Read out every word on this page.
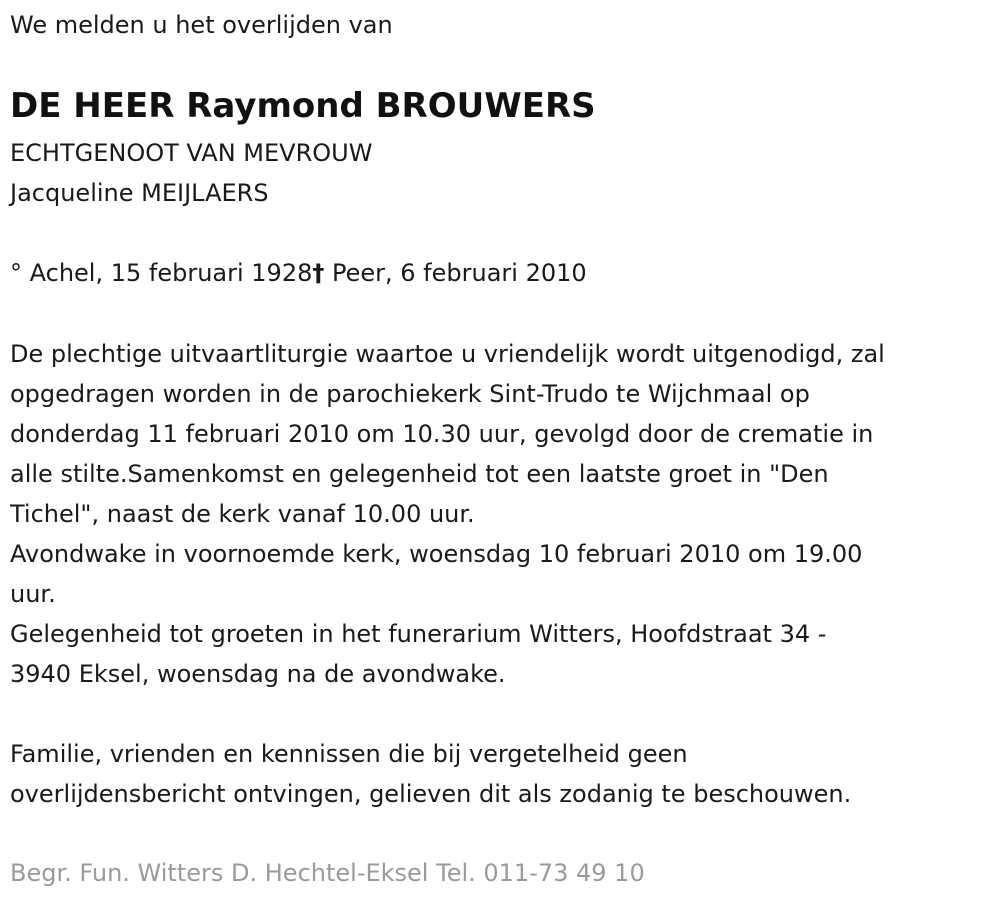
We melden u het overlijden van
DE HEER Raymond BROUWERS
ECHTGENOOT VAN MEVROUW
Jacqueline MEIJLAERS
° Achel, 15 februari 1928† Peer, 6 februari 2010
De plechtige uitvaartliturgie waartoe u vriendelijk wordt uitgenodigd, zal
opgedragen worden in de parochiekerk Sint-Trudo te Wijchmaal op
donderdag 11 februari 2010 om 10.30 uur, gevolgd door de crematie in
alle stilte.Samenkomst en gelegenheid tot een laatste groet in "Den
Tichel", naast de kerk vanaf 10.00 uur.
Avondwake in voornoemde kerk, woensdag 10 februari 2010 om 19.00
uur.
Gelegenheid tot groeten in het funerarium Witters, Hoofdstraat 34 -
3940 Eksel, woensdag na de avondwake.
Familie, vrienden en kennissen die bij vergetelheid geen
overlijdensbericht ontvingen, gelieven dit als zodanig te beschouwen.
Begr. Fun. Witters D. Hechtel-Eksel Tel. 011-73 49 10
